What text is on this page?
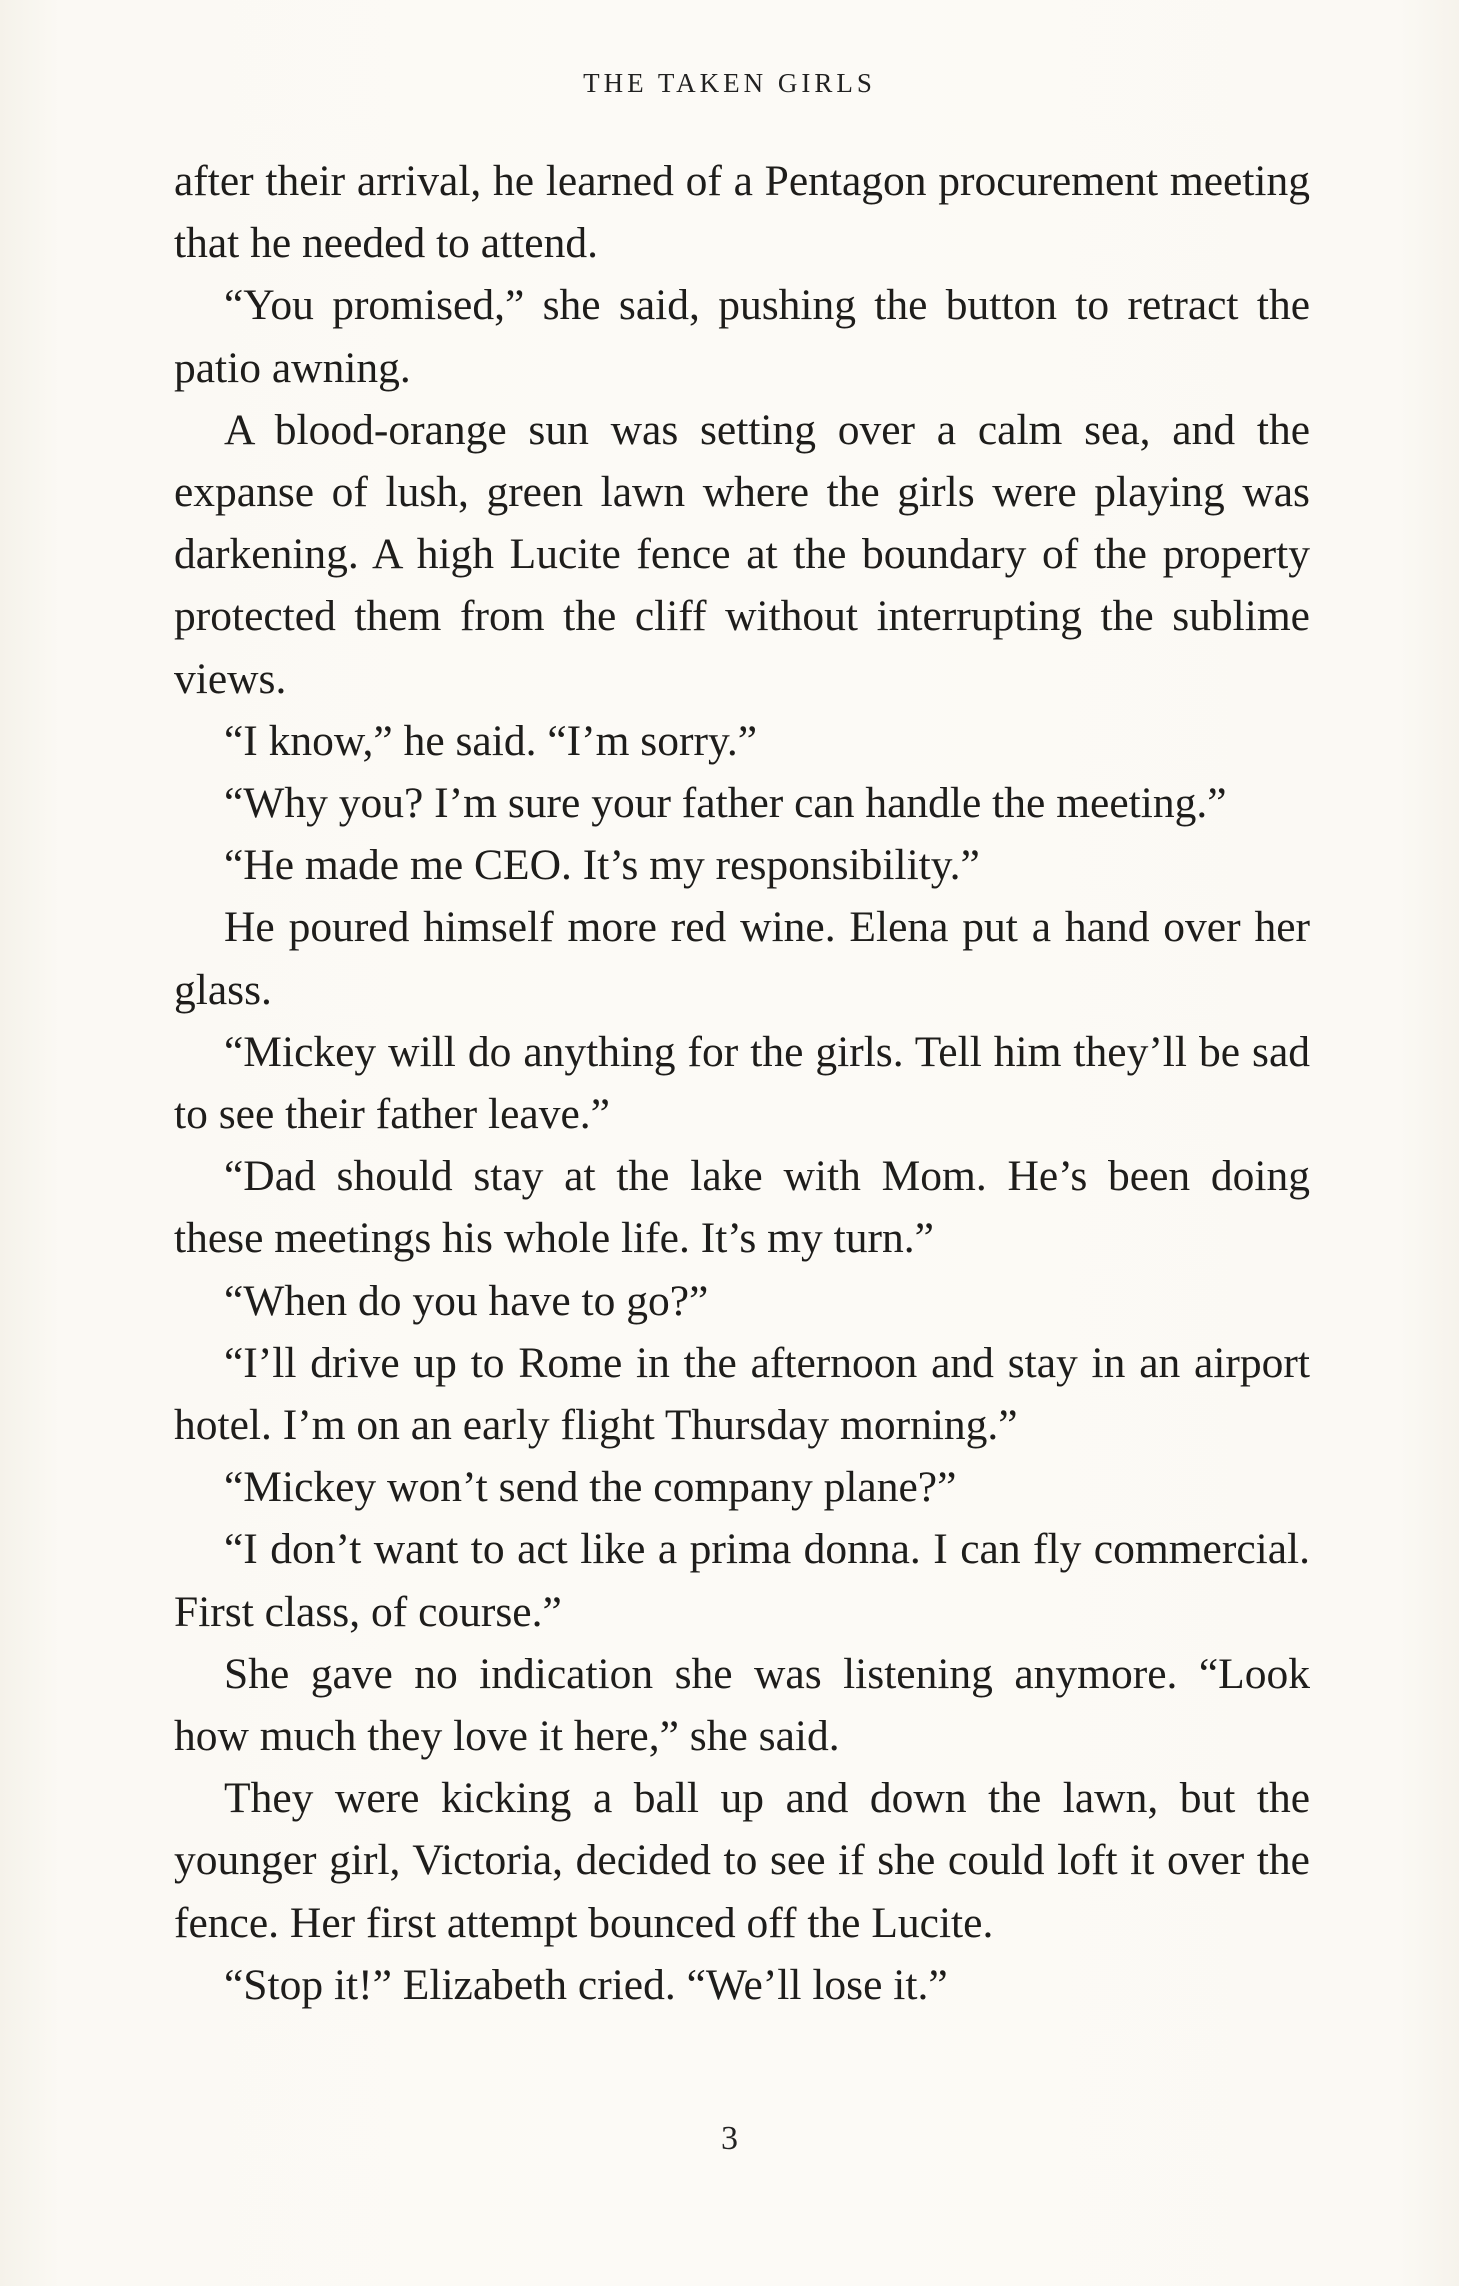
THE TAKEN GIRLS

after their arrival, he learned of a Pentagon procurement meeting that he needed to attend.

“You promised,” she said, pushing the button to retract the patio awning.

A blood-orange sun was setting over a calm sea, and the expanse of lush, green lawn where the girls were playing was darkening. A high Lucite fence at the boundary of the property protected them from the cliff without interrupting the sublime views.

“I know,” he said. “I’m sorry.”

“Why you? I’m sure your father can handle the meeting.”

“He made me CEO. It’s my responsibility.”

He poured himself more red wine. Elena put a hand over her glass.

“Mickey will do anything for the girls. Tell him they’ll be sad to see their father leave.”

“Dad should stay at the lake with Mom. He’s been doing these meetings his whole life. It’s my turn.”

“When do you have to go?”

“I’ll drive up to Rome in the afternoon and stay in an airport hotel. I’m on an early flight Thursday morning.”

“Mickey won’t send the company plane?”

“I don’t want to act like a prima donna. I can fly commercial. First class, of course.”

She gave no indication she was listening anymore. “Look how much they love it here,” she said.

They were kicking a ball up and down the lawn, but the younger girl, Victoria, decided to see if she could loft it over the fence. Her first attempt bounced off the Lucite.

“Stop it!” Elizabeth cried. “We’ll lose it.”

3
